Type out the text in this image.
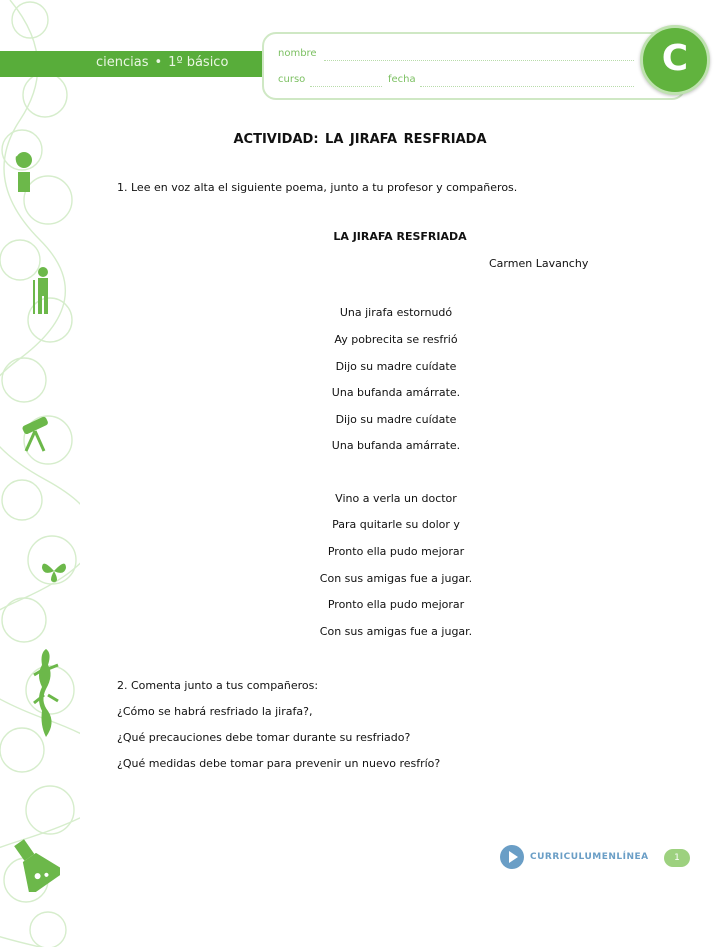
ciencias • 1º básico
nombre
curso	fecha
C
ACTIVIDAD: LA JIRAFA RESFRIADA
1. Lee en voz alta el siguiente poema, junto a tu profesor y compañeros.
LA JIRAFA RESFRIADA
Carmen Lavanchy
Una jirafa estornudó
Ay pobrecita se resfrió
Dijo su madre cuídate
Una bufanda amárrate.
Dijo su madre cuídate
Una bufanda amárrate.
Vino a verla un doctor
Para quitarle su dolor y
Pronto ella pudo mejorar
Con sus amigas fue a jugar.
Pronto ella pudo mejorar
Con sus amigas fue a jugar.
2. Comenta junto a tus compañeros:
¿Cómo se habrá resfriado la jirafa?,
¿Qué precauciones debe tomar durante su resfriado?
¿Qué medidas debe tomar para prevenir un nuevo resfrío?
CURRICULUMENLÍNEA	1
